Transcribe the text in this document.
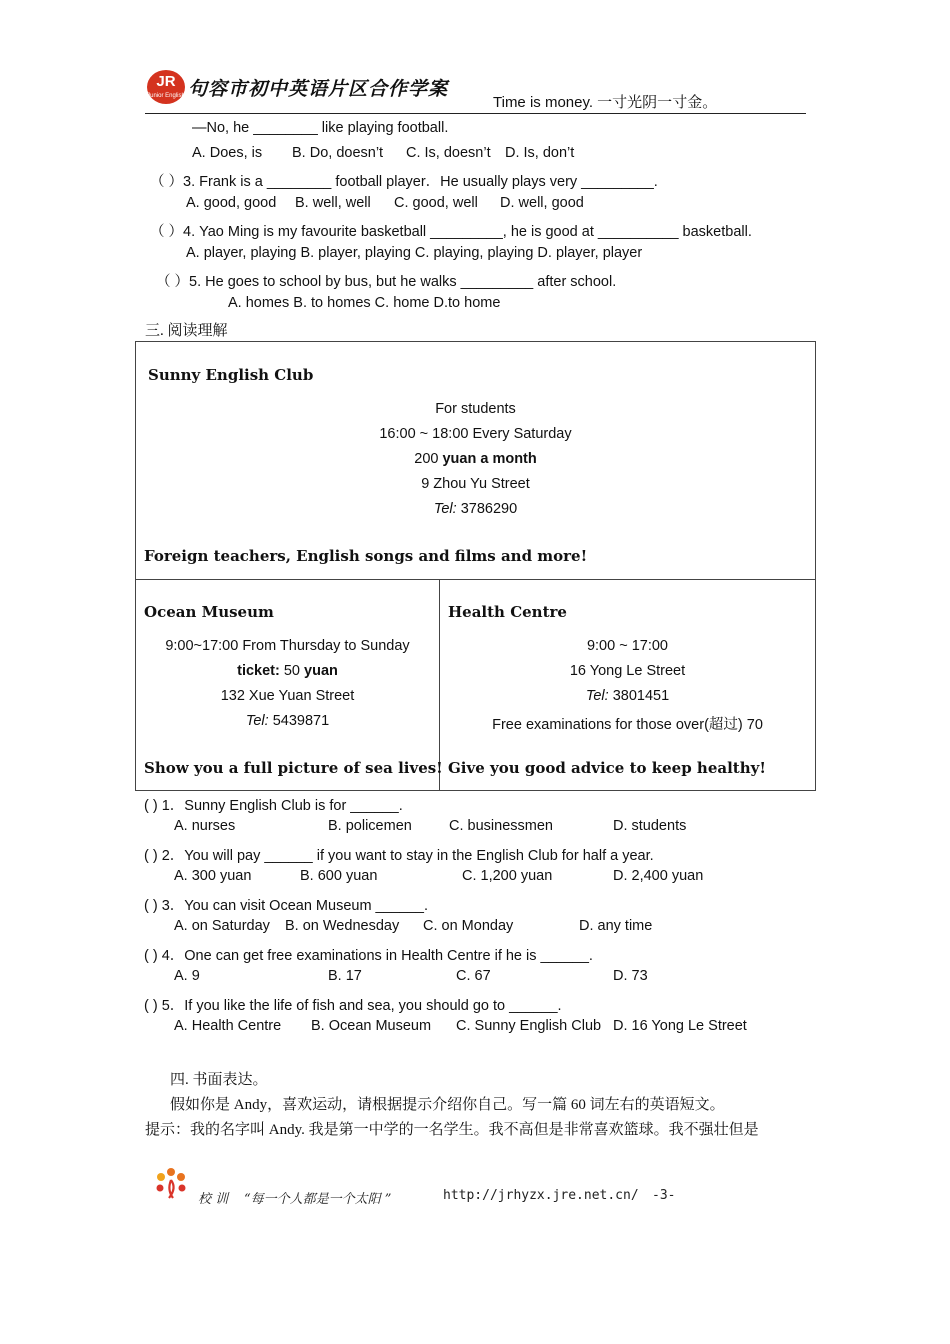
JR
Junior English 句容市初中英语片区合作学案
Time is money. 一寸光阴一寸金。
—No, he ________ like playing football.
A. Does, is B. Do, doesn’t C. Is, doesn’t D. Is, don’t
（ ）3. Frank is a ________ football player．He usually plays very _________.
A. good, good B. well, well C. good, well D. well, good
（ ）4. Yao Ming is my favourite basketball _________, he is good at __________ basketball.
A. player, playing B. player, playing C. playing, playing D. player, player
（ ）5. He goes to school by bus, but he walks _________ after school.
A. homes B. to homes C. home D.to home
三. 阅读理解
Sunny English Club
For students
16:00 ~ 18:00 Every Saturday
200 yuan a month
9 Zhou Yu Street
Tel: 3786290
Foreign teachers, English songs and films and more!
Ocean Museum
9:00~17:00 From Thursday to Sunday
ticket: 50 yuan
132 Xue Yuan Street
Tel: 5439871
Show you a full picture of sea lives!
Health Centre
9:00 ~ 17:00
16 Yong Le Street
Tel: 3801451
Free examinations for those over(超过) 70
Give you good advice to keep healthy!
( ) 1．Sunny English Club is for ______.
A. nurses	B. policemen	C. businessmen	D. students
( ) 2．You will pay ______ if you want to stay in the English Club for half a year.
A. 300 yuan	B. 600 yuan	C. 1,200 yuan	D. 2,400 yuan
( ) 3．You can visit Ocean Museum ______.
A. on Saturday B. on Wednesday C. on Monday	D. any time
( ) 4．One can get free examinations in Health Centre if he is ______.
A. 9	B. 17	C. 67	D. 73
( ) 5．If you like the life of fish and sea, you should go to ______.
A. Health Centre B. Ocean Museum C. Sunny English Club D. 16 Yong Le Street
四. 书面表达。
假如你是 Andy，喜欢运动，请根据提示介绍你自己。写一篇 60 词左右的英语短文。
提示：我的名字叫 Andy. 我是第一中学的一名学生。我不高但是非常喜欢篮球。我不强壮但是
校 训 “每一个人都是一个太阳 ”	http://jrhyzx.jre.net.cn/ -3-
